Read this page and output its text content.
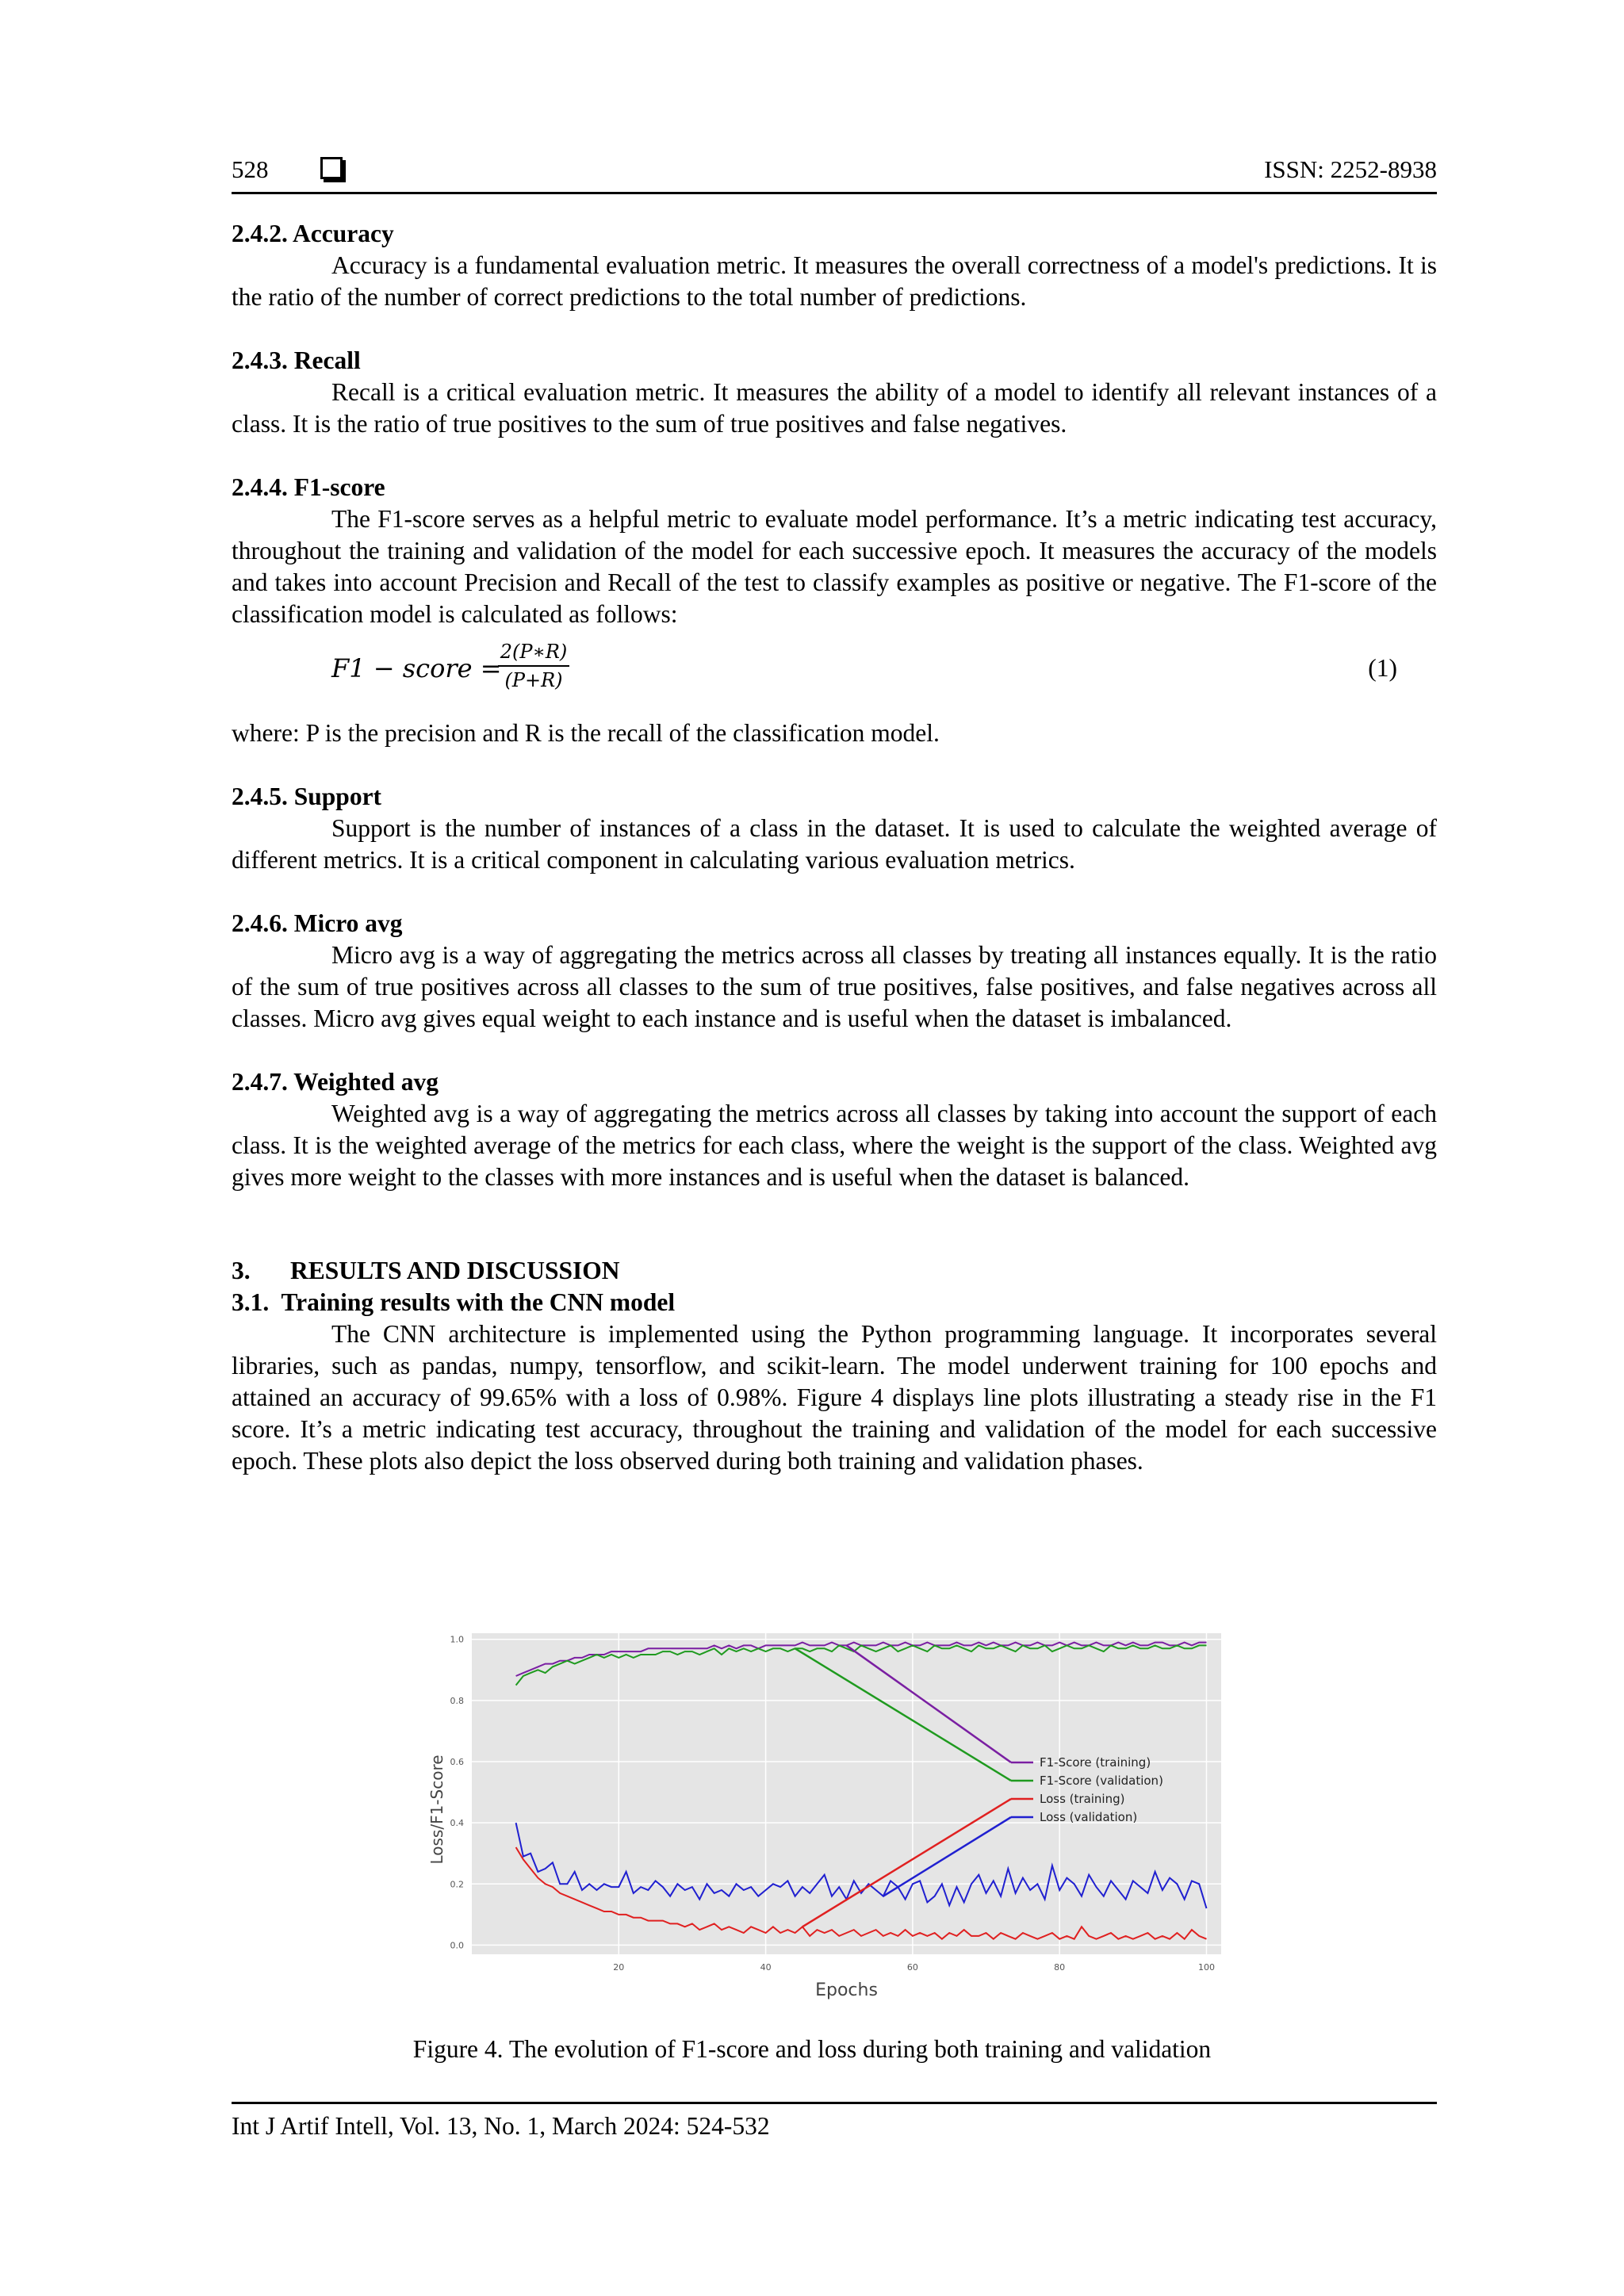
528	ISSN: 2252-8938

2.4.2. Accuracy

Accuracy is a fundamental evaluation metric. It measures the overall correctness of a model's predictions. It is the ratio of the number of correct predictions to the total number of predictions.

2.4.3. Recall

Recall is a critical evaluation metric. It measures the ability of a model to identify all relevant instances of a class. It is the ratio of true positives to the sum of true positives and false negatives.

2.4.4. F1-score

The F1-score serves as a helpful metric to evaluate model performance. It’s a metric indicating test accuracy, throughout the training and validation of the model for each successive epoch. It measures the accuracy of the models and takes into account Precision and Recall of the test to classify examples as positive or negative. The F1-score of the classification model is calculated as follows:

F1 − score =
$\frac{2(P∗R)}{(P+R)}$	(1)

where: P is the precision and R is the recall of the classification model.

2.4.5. Support

Support is the number of instances of a class in the dataset. It is used to calculate the weighted average of different metrics. It is a critical component in calculating various evaluation metrics.

2.4.6. Micro avg

Micro avg is a way of aggregating the metrics across all classes by treating all instances equally. It is the ratio of the sum of true positives across all classes to the sum of true positives, false positives, and false negatives across all classes. Micro avg gives equal weight to each instance and is useful when the dataset is imbalanced.

2.4.7. Weighted avg

Weighted avg is a way of aggregating the metrics across all classes by taking into account the support of each class. It is the weighted average of the metrics for each class, where the weight is the support of the class. Weighted avg gives more weight to the classes with more instances and is useful when the dataset is balanced.

3. RESULTS AND DISCUSSION

3.1. Training results with the CNN model

The CNN architecture is implemented using the Python programming language. It incorporates several libraries, such as pandas, numpy, tensorflow, and scikit-learn. The model underwent training for 100 epochs and attained an accuracy of 99.65% with a loss of 0.98%. Figure 4 displays line plots illustrating a steady rise in the F1 score. It’s a metric indicating test accuracy, throughout the training and validation of the model for each successive epoch. These plots also depict the loss observed during both training and validation phases.

20	40	60	80	100
0.0
0.2
0.4
0.6
0.8
1.0
Epochs
Loss/F1-Score	F1-Score (training)
F1-Score (validation)
Loss (training)
Loss (validation)
Figure 4. The evolution of F1-score and loss during both training and validation
Int J Artif Intell, Vol. 13, No. 1, March 2024: 524-532
